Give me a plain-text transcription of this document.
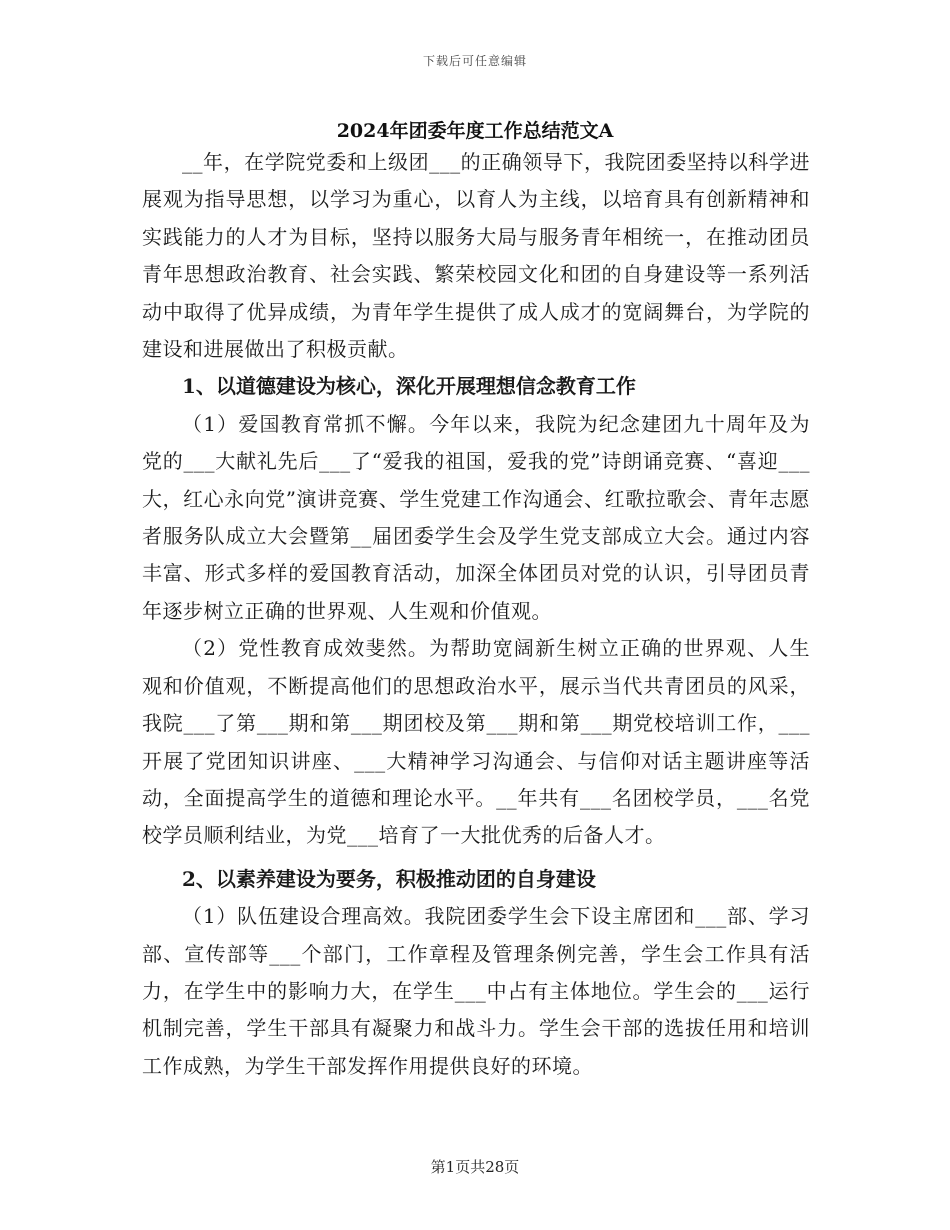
下载后可任意编辑
2024年团委年度工作总结范文A

__年，在学院党委和上级团___的正确领导下，我院团委坚持以科学进展观为指导思想，以学习为重心，以育人为主线，以培育具有创新精神和实践能力的人才为目标，坚持以服务大局与服务青年相统一，在推动团员青年思想政治教育、社会实践、繁荣校园文化和团的自身建设等一系列活动中取得了优异成绩，为青年学生提供了成人成才的宽阔舞台，为学院的建设和进展做出了积极贡献。

1、以道德建设为核心，深化开展理想信念教育工作

（1）爱国教育常抓不懈。今年以来，我院为纪念建团九十周年及为党的___大献礼先后___了“爱我的祖国，爱我的党”诗朗诵竞赛、“喜迎___大，红心永向党”演讲竞赛、学生党建工作沟通会、红歌拉歌会、青年志愿者服务队成立大会暨第__届团委学生会及学生党支部成立大会。通过内容丰富、形式多样的爱国教育活动，加深全体团员对党的认识，引导团员青年逐步树立正确的世界观、人生观和价值观。

（2）党性教育成效斐然。为帮助宽阔新生树立正确的世界观、人生观和价值观，不断提高他们的思想政治水平，展示当代共青团员的风采，我院___了第___期和第___期团校及第___期和第___期党校培训工作，___开展了党团知识讲座、___大精神学习沟通会、与信仰对话主题讲座等活动，全面提高学生的道德和理论水平。__年共有___名团校学员，___名党校学员顺利结业，为党___培育了一大批优秀的后备人才。

2、以素养建设为要务，积极推动团的自身建设

（1）队伍建设合理高效。我院团委学生会下设主席团和___部、学习部、宣传部等___个部门，工作章程及管理条例完善，学生会工作具有活力，在学生中的影响力大，在学生___中占有主体地位。学生会的___运行机制完善，学生干部具有凝聚力和战斗力。学生会干部的选拔任用和培训工作成熟，为学生干部发挥作用提供良好的环境。

第1页共28页
